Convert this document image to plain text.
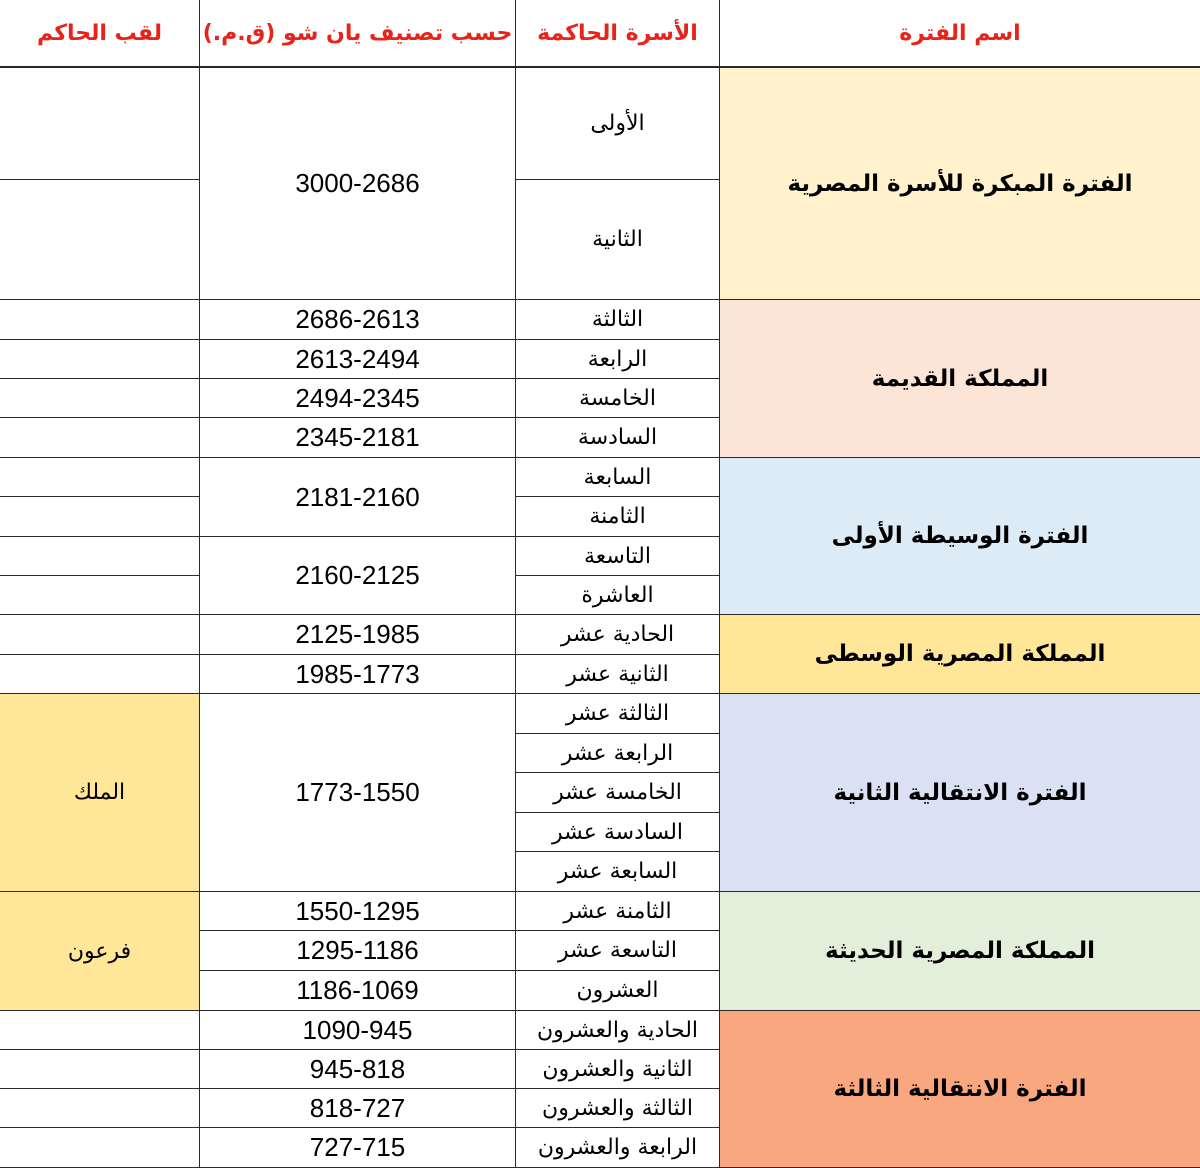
اسم الفترة
الأسرة الحاكمة
حسب تصنيف يان شو (ق.م.)
لقب الحاكم
الفترة المبكرة للأسرة المصرية
المملكة القديمة
الفترة الوسيطة الأولى
المملكة المصرية الوسطى
الفترة الانتقالية الثانية
المملكة المصرية الحديثة
الفترة الانتقالية الثالثة
الأولى
الثانية
الثالثة
الرابعة
الخامسة
السادسة
السابعة
الثامنة
التاسعة
العاشرة
الحادية عشر
الثانية عشر
الثالثة عشر
الرابعة عشر
الخامسة عشر
السادسة عشر
السابعة عشر
الثامنة عشر
التاسعة عشر
العشرون
الحادية والعشرون
الثانية والعشرون
الثالثة والعشرون
الرابعة والعشرون
3000-2686
2686-2613
2613-2494
2494-2345
2345-2181
2181-2160
2160-2125
2125-1985
1985-1773
1773-1550
1550-1295
1295-1186
1186-1069
1090-945
945-818
818-727
727-715
الملك
فرعون
